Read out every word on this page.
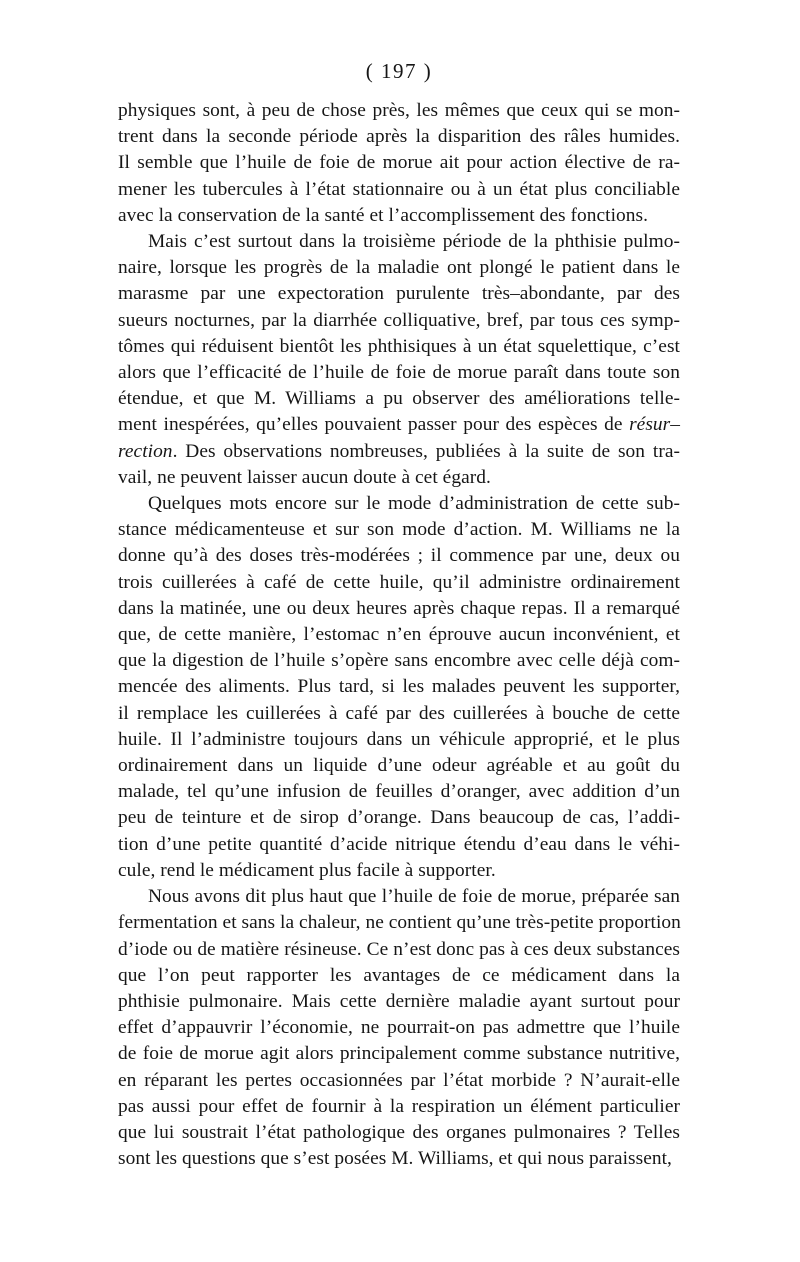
( 197 )
physiques sont, à peu de chose près, les mêmes que ceux qui se mon-
trent dans la seconde période après la disparition des râles humides.
Il semble que l’huile de foie de morue ait pour action élective de ra-
mener les tubercules à l’état stationnaire ou à un état plus conciliable
avec la conservation de la santé et l’accomplissement des fonctions.
Mais c’est surtout dans la troisième période de la phthisie pulmo-
naire, lorsque les progrès de la maladie ont plongé le patient dans le
marasme par une expectoration purulente très–abondante, par des
sueurs nocturnes, par la diarrhée colliquative, bref, par tous ces symp-
tômes qui réduisent bientôt les phthisiques à un état squelettique, c’est
alors que l’efficacité de l’huile de foie de morue paraît dans toute son
étendue, et que M. Williams a pu observer des améliorations telle-
ment inespérées, qu’elles pouvaient passer pour des espèces de résur–
rection. Des observations nombreuses, publiées à la suite de son tra-
vail, ne peuvent laisser aucun doute à cet égard.
Quelques mots encore sur le mode d’administration de cette sub-
stance médicamenteuse et sur son mode d’action. M. Williams ne la
donne qu’à des doses très-modérées ; il commence par une, deux ou
trois cuillerées à café de cette huile, qu’il administre ordinairement
dans la matinée, une ou deux heures après chaque repas. Il a remarqué
que, de cette manière, l’estomac n’en éprouve aucun inconvénient, et
que la digestion de l’huile s’opère sans encombre avec celle déjà com-
mencée des aliments. Plus tard, si les malades peuvent les supporter,
il remplace les cuillerées à café par des cuillerées à bouche de cette
huile. Il l’administre toujours dans un véhicule approprié, et le plus
ordinairement dans un liquide d’une odeur agréable et au goût du
malade, tel qu’une infusion de feuilles d’oranger, avec addition d’un
peu de teinture et de sirop d’orange. Dans beaucoup de cas, l’addi-
tion d’une petite quantité d’acide nitrique étendu d’eau dans le véhi-
cule, rend le médicament plus facile à supporter.
Nous avons dit plus haut que l’huile de foie de morue, préparée san
fermentation et sans la chaleur, ne contient qu’une très-petite proportion
d’iode ou de matière résineuse. Ce n’est donc pas à ces deux substances
que l’on peut rapporter les avantages de ce médicament dans la
phthisie pulmonaire. Mais cette dernière maladie ayant surtout pour
effet d’appauvrir l’économie, ne pourrait-on pas admettre que l’huile
de foie de morue agit alors principalement comme substance nutritive,
en réparant les pertes occasionnées par l’état morbide ? N’aurait-elle
pas aussi pour effet de fournir à la respiration un élément particulier
que lui soustrait l’état pathologique des organes pulmonaires ? Telles
sont les questions que s’est posées M. Williams, et qui nous paraissent,
